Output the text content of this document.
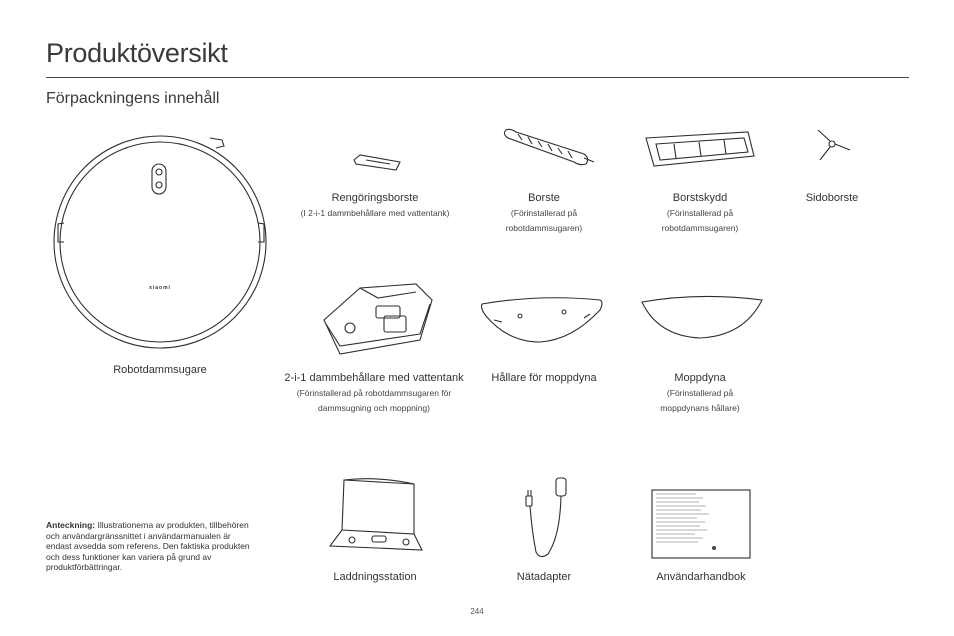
Produktöversikt
Förpackningens innehåll
xiaomi
Robotdammsugare
Rengöringsborste
(I 2-i-1 dammbehållare med vattentank)
Borste
(Förinstallerad på
robotdammsugaren)
Borstskydd
(Förinstallerad på
robotdammsugaren)
Sidoborste
2-i-1 dammbehållare med vattentank
(Förinstallerad på robotdammsugaren för
dammsugning och moppning)
Hållare för moppdyna	Moppdyna
(Förinstallerad på
moppdynans hållare)
Laddningsstation	Nätadapter	Användarhandbok
Anteckning: Illustrationerna av produkten, tillbehören och användargränssnittet i användarmanualen är endast avsedda som referens. Den faktiska produkten och dess funktioner kan variera på grund av produktförbättringar.
244
